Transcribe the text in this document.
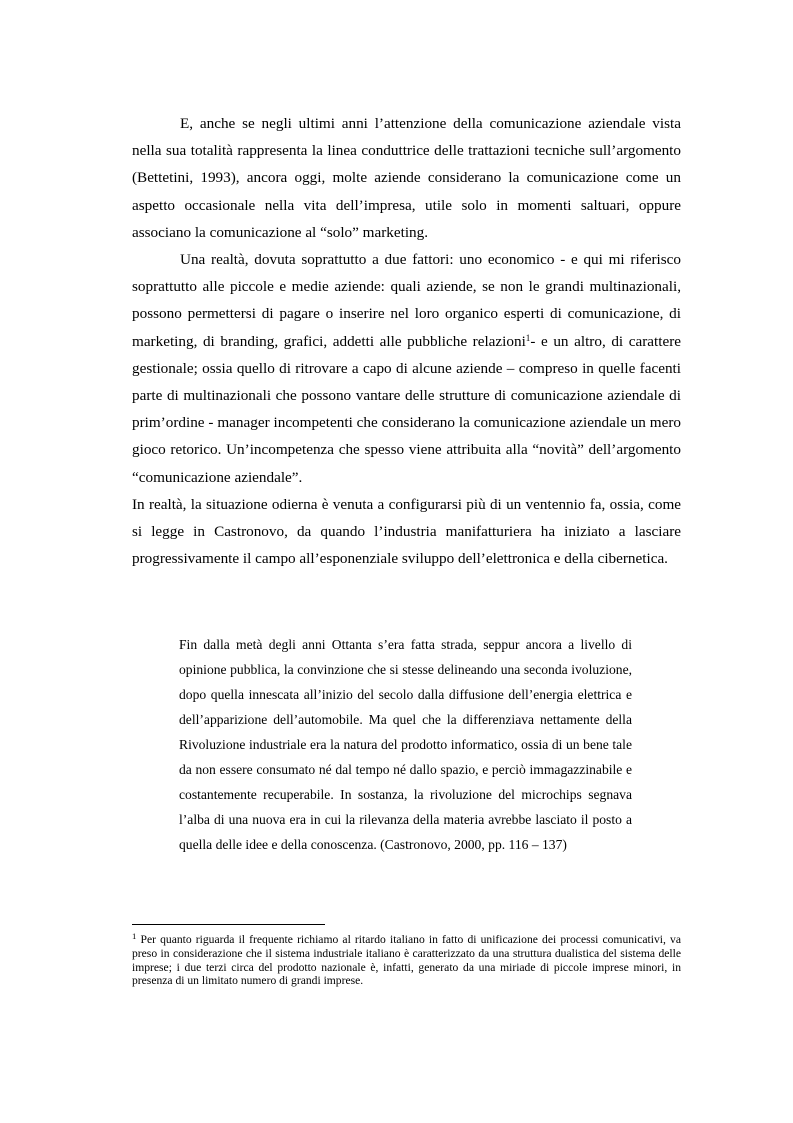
E, anche se negli ultimi anni l’attenzione della comunicazione aziendale vista nella sua totalità rappresenta la linea conduttrice delle trattazioni tecniche sull’argomento (Bettetini, 1993), ancora oggi, molte aziende considerano la comunicazione come un aspetto occasionale nella vita dell’impresa, utile solo in momenti saltuari, oppure associano la comunicazione al “solo” marketing.

Una realtà, dovuta soprattutto a due fattori: uno economico - e qui mi riferisco soprattutto alle piccole e medie aziende: quali aziende, se non le grandi multinazionali, possono permettersi di pagare o inserire nel loro organico esperti di comunicazione, di marketing, di branding, grafici, addetti alle pubbliche relazioni$^1$- e un altro, di carattere gestionale; ossia quello di ritrovare a capo di alcune aziende – compreso in quelle facenti parte di multinazionali che possono vantare delle strutture di comunicazione aziendale di prim’ordine - manager incompetenti che considerano la comunicazione aziendale un mero gioco retorico. Un’incompetenza che spesso viene attribuita alla “novità” dell’argomento “comunicazione aziendale”.

In realtà, la situazione odierna è venuta a configurarsi più di un ventennio fa, ossia, come si legge in Castronovo, da quando l’industria manifatturiera ha iniziato a lasciare progressivamente il campo all’esponenziale sviluppo dell’elettronica e della cibernetica.

Fin dalla metà degli anni Ottanta s’era fatta strada, seppur ancora a livello di opinione pubblica, la convinzione che si stesse delineando una seconda ivoluzione, dopo quella innescata all’inizio del secolo dalla diffusione dell’energia elettrica e dell’apparizione dell’automobile. Ma quel che la differenziava nettamente della Rivoluzione industriale era la natura del prodotto informatico, ossia di un bene tale da non essere consumato né dal tempo né dallo spazio, e perciò immagazzinabile e costantemente recuperabile. In sostanza, la rivoluzione del microchips segnava l’alba di una nuova era in cui la rilevanza della materia avrebbe lasciato il posto a quella delle idee e della conoscenza. (Castronovo, 2000, pp. 116 – 137)

$^1$ Per quanto riguarda il frequente richiamo al ritardo italiano in fatto di unificazione dei processi comunicativi, va preso in considerazione che il sistema industriale italiano è caratterizzato da una struttura dualistica del sistema delle imprese; i due terzi circa del prodotto nazionale è, infatti, generato da una miriade di piccole imprese minori, in presenza di un limitato numero di grandi imprese.
